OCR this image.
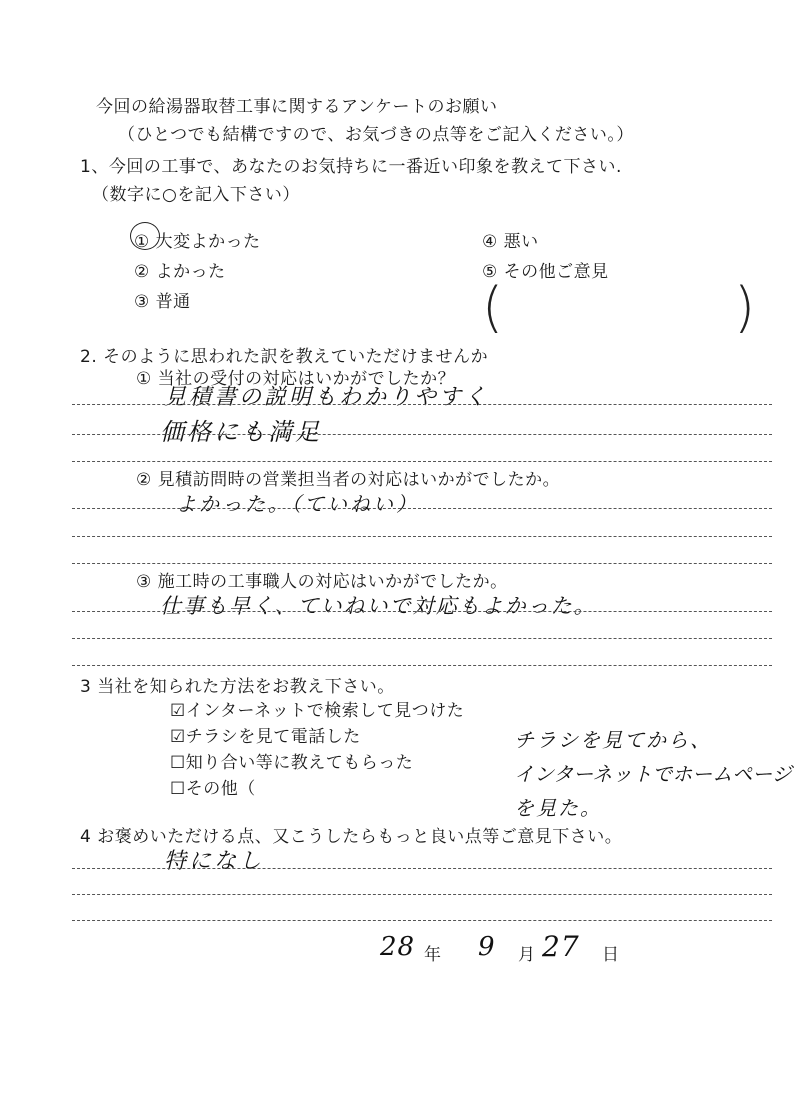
今回の給湯器取替工事に関するアンケートのお願い
（ひとつでも結構ですので、お気づきの点等をご記入ください。）
1、今回の工事で、あなたのお気持ちに一番近い印象を教えて下さい.
（数字に○を記入下さい）
① 大変よかった
② よかった
③ 普通
④ 悪い
⑤ その他ご意見
(	)
2. そのように思われた訳を教えていただけませんか
① 当社の受付の対応はいかがでしたか？
見積書の説明もわかりやすく
価格にも満足
② 見積訪問時の営業担当者の対応はいかがでしたか。
よかった。（ていねい）
③ 施工時の工事職人の対応はいかがでしたか。
仕事も早く、ていねいで対応もよかった。
3 当社を知られた方法をお教え下さい。
☑インターネットで検索して見つけた
☑チラシを見て電話した
☐知り合い等に教えてもらった
☐その他（
チラシを見てから、
インターネットでホームページ
を見た。
4 お褒めいただける点、又こうしたらもっと良い点等ご意見下さい。
特になし
28 年 9 月 27 日
